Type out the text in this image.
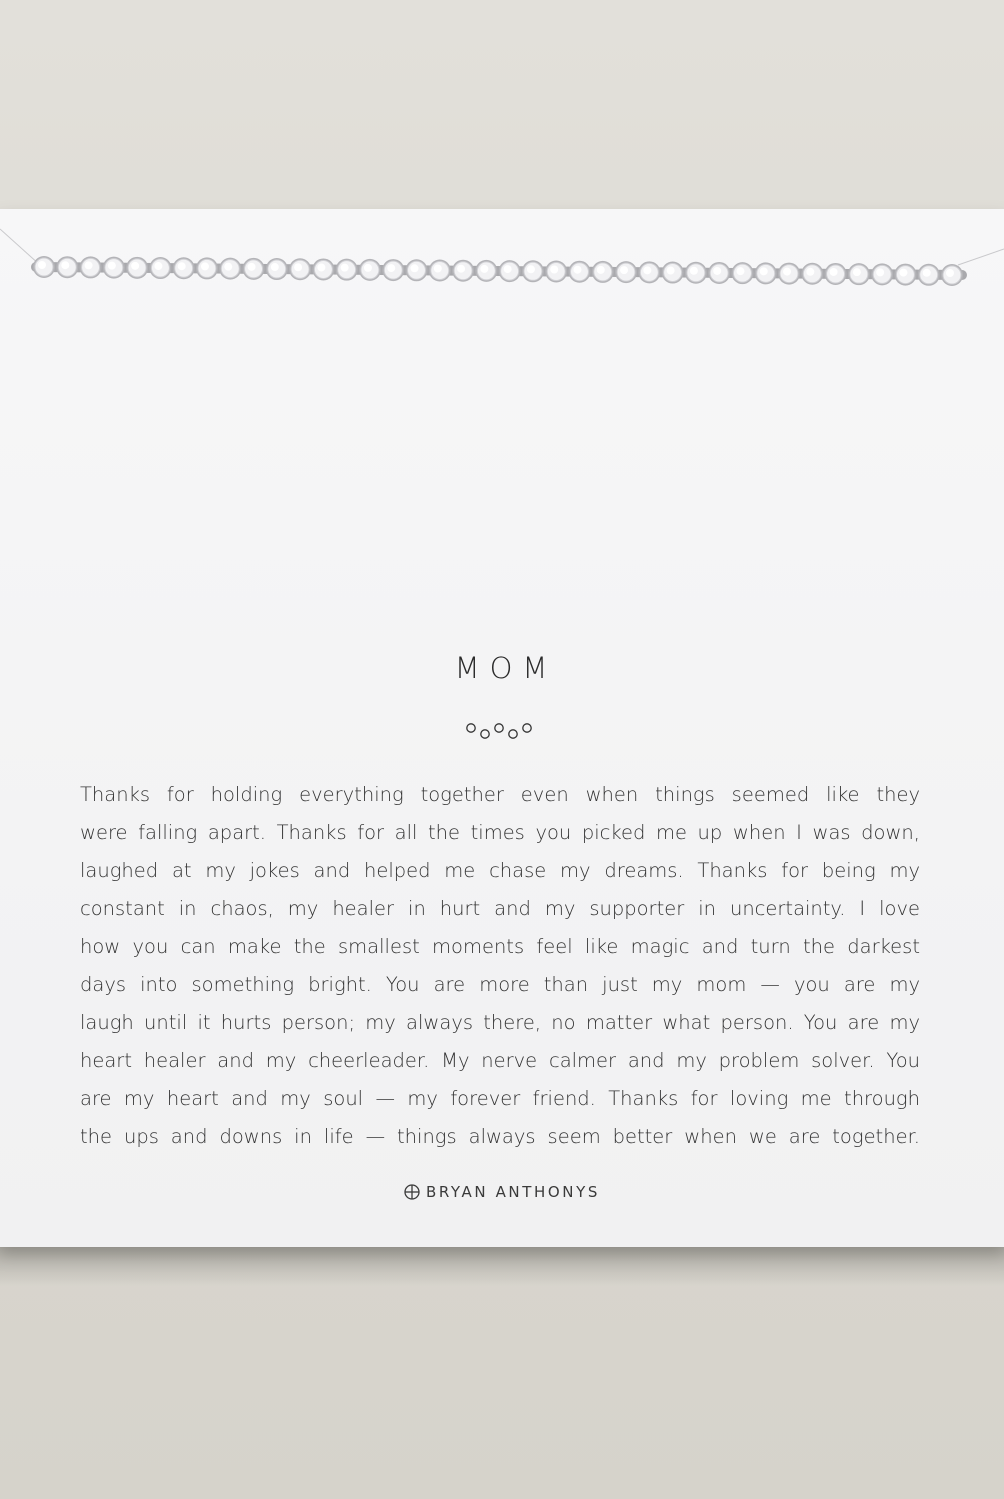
MOM
Thanks for holding everything together even when things seemed like they
were falling apart. Thanks for all the times you picked me up when I was down,
laughed at my jokes and helped me chase my dreams. Thanks for being my
constant in chaos, my healer in hurt and my supporter in uncertainty. I love
how you can make the smallest moments feel like magic and turn the darkest
days into something bright. You are more than just my mom — you are my
laugh until it hurts person; my always there, no matter what person. You are my
heart healer and my cheerleader. My nerve calmer and my problem solver. You
are my heart and my soul — my forever friend. Thanks for loving me through
the ups and downs in life — things always seem better when we are together.
BRYAN ANTHONYS
